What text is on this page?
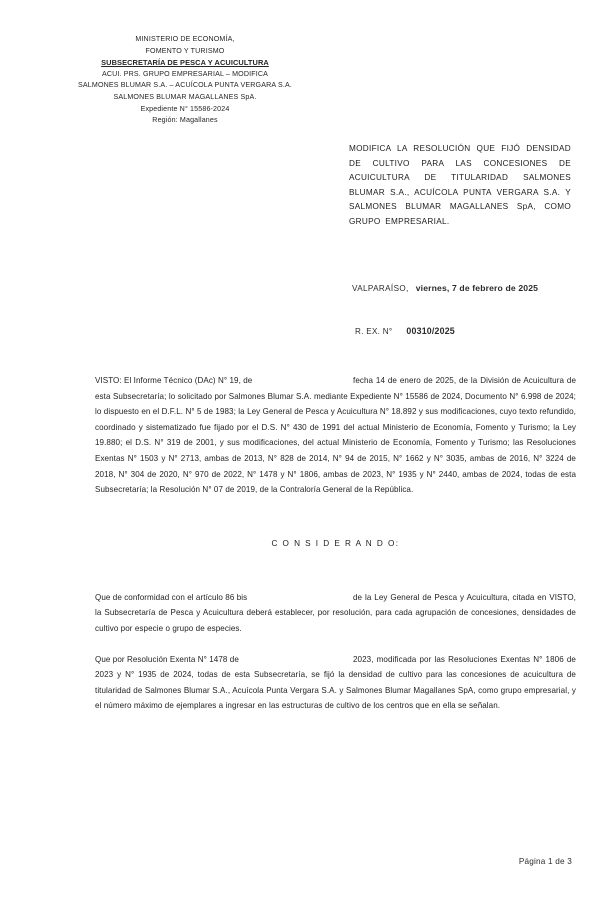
MINISTERIO DE ECONOMÍA,
FOMENTO Y TURISMO
SUBSECRETARÍA DE PESCA Y ACUICULTURA
ACUI. PRS. GRUPO EMPRESARIAL – MODIFICA
SALMONES BLUMAR S.A. – ACUÍCOLA PUNTA VERGARA S.A.
SALMONES BLUMAR MAGALLANES SpA.
Expediente N° 15586-2024
Región: Magallanes
MODIFICA LA RESOLUCIÓN QUE FIJÓ DENSIDAD DE CULTIVO PARA LAS CONCESIONES DE ACUICULTURA DE TITULARIDAD SALMONES BLUMAR S.A., ACUÍCOLA PUNTA VERGARA S.A. Y SALMONES BLUMAR MAGALLANES SpA, COMO GRUPO EMPRESARIAL.
VALPARAÍSO, viernes, 7 de febrero de 2025
R. EX. N° 00310/2025

VISTO: El Informe Técnico (DAc) N° 19, de	fecha 14 de enero de 2025, de la División de Acuicultura de esta Subsecretaría; lo solicitado por Salmones Blumar S.A. mediante Expediente N° 15586 de 2024, Documento N° 6.998 de 2024; lo dispuesto en el D.F.L. N° 5 de 1983; la Ley General de Pesca y Acuicultura N° 18.892 y sus modificaciones, cuyo texto refundido, coordinado y sistematizado fue fijado por el D.S. N° 430 de 1991 del actual Ministerio de Economía, Fomento y Turismo; la Ley 19.880; el D.S. N° 319 de 2001, y sus modificaciones, del actual Ministerio de Economía, Fomento y Turismo; las Resoluciones Exentas N° 1503 y N° 2713, ambas de 2013, N° 828 de 2014, N° 94 de 2015, N° 1662 y N° 3035, ambas de 2016, N° 3224 de 2018, N° 304 de 2020, N° 970 de 2022, N° 1478 y N° 1806, ambas de 2023, N° 1935 y N° 2440, ambas de 2024, todas de esta Subsecretaría; la Resolución N° 07 de 2019, de la Contraloría General de la República.

C O N S I D E R A N D O:

Que de conformidad con el artículo 86 bis	de la Ley General de Pesca y Acuicultura, citada en VISTO, la Subsecretaría de Pesca y Acuicultura deberá establecer, por resolución, para cada agrupación de concesiones, densidades de cultivo por especie o grupo de especies.

Que por Resolución Exenta N° 1478 de	2023, modificada por las Resoluciones Exentas N° 1806 de 2023 y N° 1935 de 2024, todas de esta Subsecretaría, se fijó la densidad de cultivo para las concesiones de acuicultura de titularidad de Salmones Blumar S.A., Acuícola Punta Vergara S.A. y Salmones Blumar Magallanes SpA, como grupo empresarial, y el número máximo de ejemplares a ingresar en las estructuras de cultivo de los centros que en ella se señalan.

Página 1 de 3
